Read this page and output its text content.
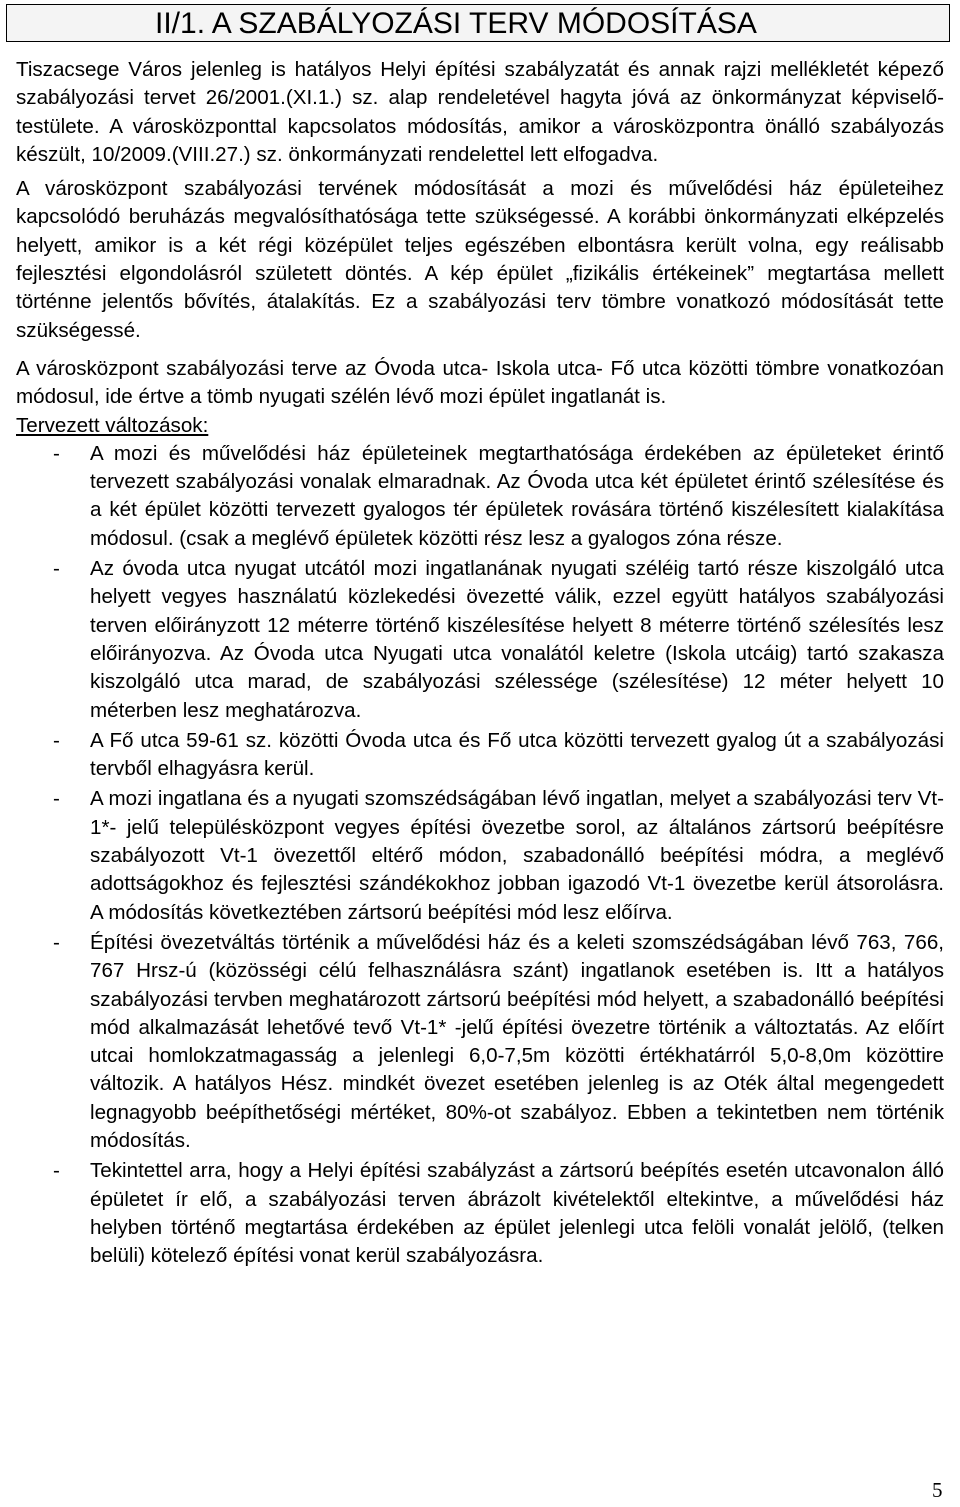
II/1. A SZABÁLYOZÁSI TERV MÓDOSÍTÁSA

Tiszacsege Város jelenleg is hatályos Helyi építési szabályzatát és annak rajzi mellékletét képező szabályozási tervet 26/2001.(XI.1.) sz. alap rendeletével hagyta jóvá az önkormányzat képviselő-testülete. A városközponttal kapcsolatos módosítás, amikor a városközpontra önálló szabályozás készült, 10/2009.(VIII.27.) sz. önkormányzati rendelettel lett elfogadva.

A városközpont szabályozási tervének módosítását a mozi és művelődési ház épületeihez kapcsolódó beruházás megvalósíthatósága tette szükségessé. A korábbi önkormányzati elképzelés helyett, amikor is a két régi középület teljes egészében elbontásra került volna, egy reálisabb fejlesztési elgondolásról született döntés. A kép épület „fizikális értékeinek” megtartása mellett történne jelentős bővítés, átalakítás. Ez a szabályozási terv tömbre vonatkozó módosítását tette szükségessé.

A városközpont szabályozási terve az Óvoda utca- Iskola utca- Fő utca közötti tömbre vonatkozóan módosul, ide értve a tömb nyugati szélén lévő mozi épület ingatlanát is.

Tervezett változások:

- A mozi és művelődési ház épületeinek megtarthatósága érdekében az épületeket érintő tervezett szabályozási vonalak elmaradnak. Az Óvoda utca két épületet érintő szélesítése és a két épület közötti tervezett gyalogos tér épületek rovására történő kiszélesített kialakítása módosul. (csak a meglévő épületek közötti rész lesz a gyalogos zóna része.
- Az óvoda utca nyugat utcától mozi ingatlanának nyugati széléig tartó része kiszolgáló utca helyett vegyes használatú közlekedési övezetté válik, ezzel együtt hatályos szabályozási terven előirányzott 12 méterre történő kiszélesítése helyett 8 méterre történő szélesítés lesz előirányozva. Az Óvoda utca Nyugati utca vonalától keletre (Iskola utcáig) tartó szakasza kiszolgáló utca marad, de szabályozási szélessége (szélesítése) 12 méter helyett 10 méterben lesz meghatározva.
- A Fő utca 59-61 sz. közötti Óvoda utca és Fő utca közötti tervezett gyalog út a szabályozási tervből elhagyásra kerül.
- A mozi ingatlana és a nyugati szomszédságában lévő ingatlan, melyet a szabályozási terv Vt-1*- jelű településközpont vegyes építési övezetbe sorol, az általános zártsorú beépítésre szabályozott Vt-1 övezettől eltérő módon, szabadonálló beépítési módra, a meglévő adottságokhoz és fejlesztési szándékokhoz jobban igazodó Vt-1 övezetbe kerül átsorolásra. A módosítás következtében zártsorú beépítési mód lesz előírva.
- Építési övezetváltás történik a művelődési ház és a keleti szomszédságában lévő 763, 766, 767 Hrsz-ú (közösségi célú felhasználásra szánt) ingatlanok esetében is. Itt a hatályos szabályozási tervben meghatározott zártsorú beépítési mód helyett, a szabadonálló beépítési mód alkalmazását lehetővé tevő Vt-1* -jelű építési övezetre történik a változtatás. Az előírt utcai homlokzatmagasság a jelenlegi 6,0-7,5m közötti értékhatárról 5,0-8,0m közöttire változik. A hatályos Hész. mindkét övezet esetében jelenleg is az Oték által megengedett legnagyobb beépíthetőségi mértéket, 80%-ot szabályoz. Ebben a tekintetben nem történik módosítás.
- Tekintettel arra, hogy a Helyi építési szabályzást a zártsorú beépítés esetén utcavonalon álló épületet ír elő, a szabályozási terven ábrázolt kivételektől eltekintve, a művelődési ház helyben történő megtartása érdekében az épület jelenlegi utca felöli vonalát jelölő, (telken belüli) kötelező építési vonat kerül szabályozásra.
5
